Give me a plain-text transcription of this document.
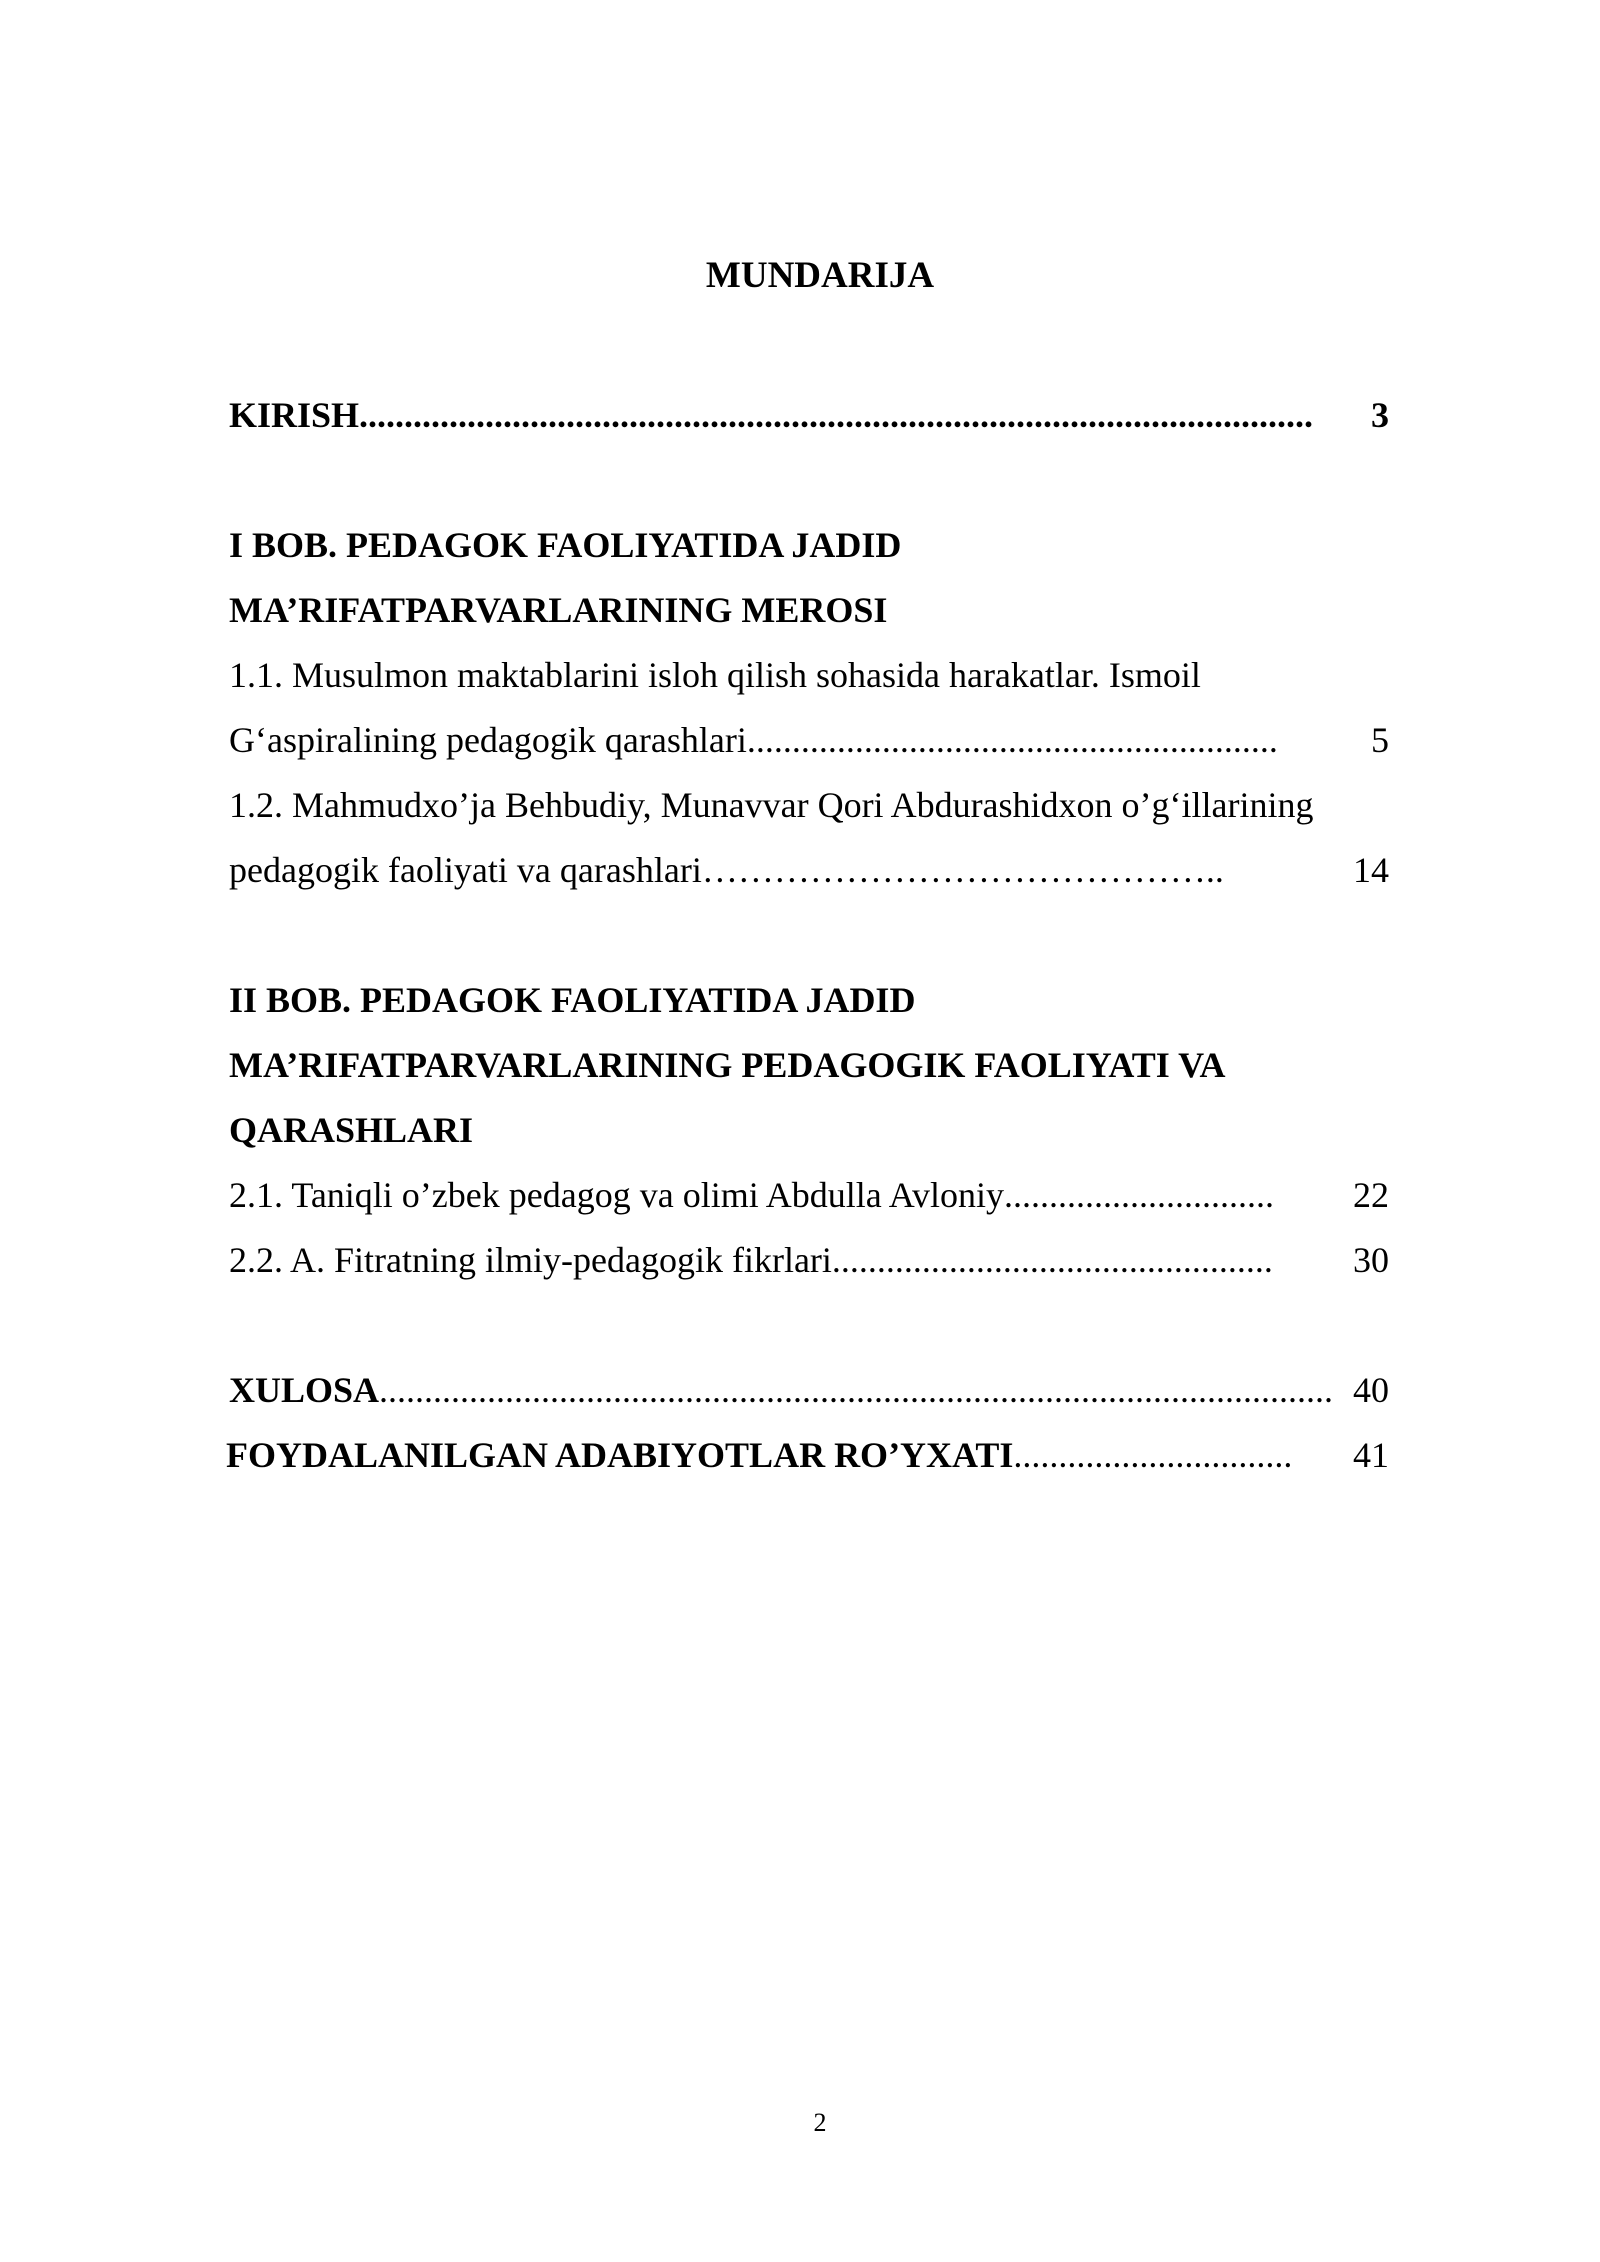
MUNDARIJA
KIRISH ..........................................................................................................	3
I BOB. PEDAGOK FAOLIYATIDA JADID
MA’RIFATPARVARLARINING MEROSI
1.1. Musulmon maktablarini isloh qilish sohasida harakatlar. Ismoil
G‘aspiralining pedagogik qarashlari ...........................................................	5
1.2. Mahmudxo’ja Behbudiy, Munavvar Qori Abdurashidxon o’g‘illarining
pedagogik faoliyati va qarashlari ……………………………………..	14
II BOB. PEDAGOK FAOLIYATIDA JADID
MA’RIFATPARVARLARINING PEDAGOGIK FAOLIYATI VA
QARASHLARI
2.1. Taniqli o’zbek pedagog va olimi Abdulla Avloniy ..............................	22
2.2. A. Fitratning ilmiy-pedagogik fikrlari .................................................	30
XULOSA .......................................................................................................... 40
FOYDALANILGAN ADABIYOTLAR RO’YXATI ...............................	41
2
